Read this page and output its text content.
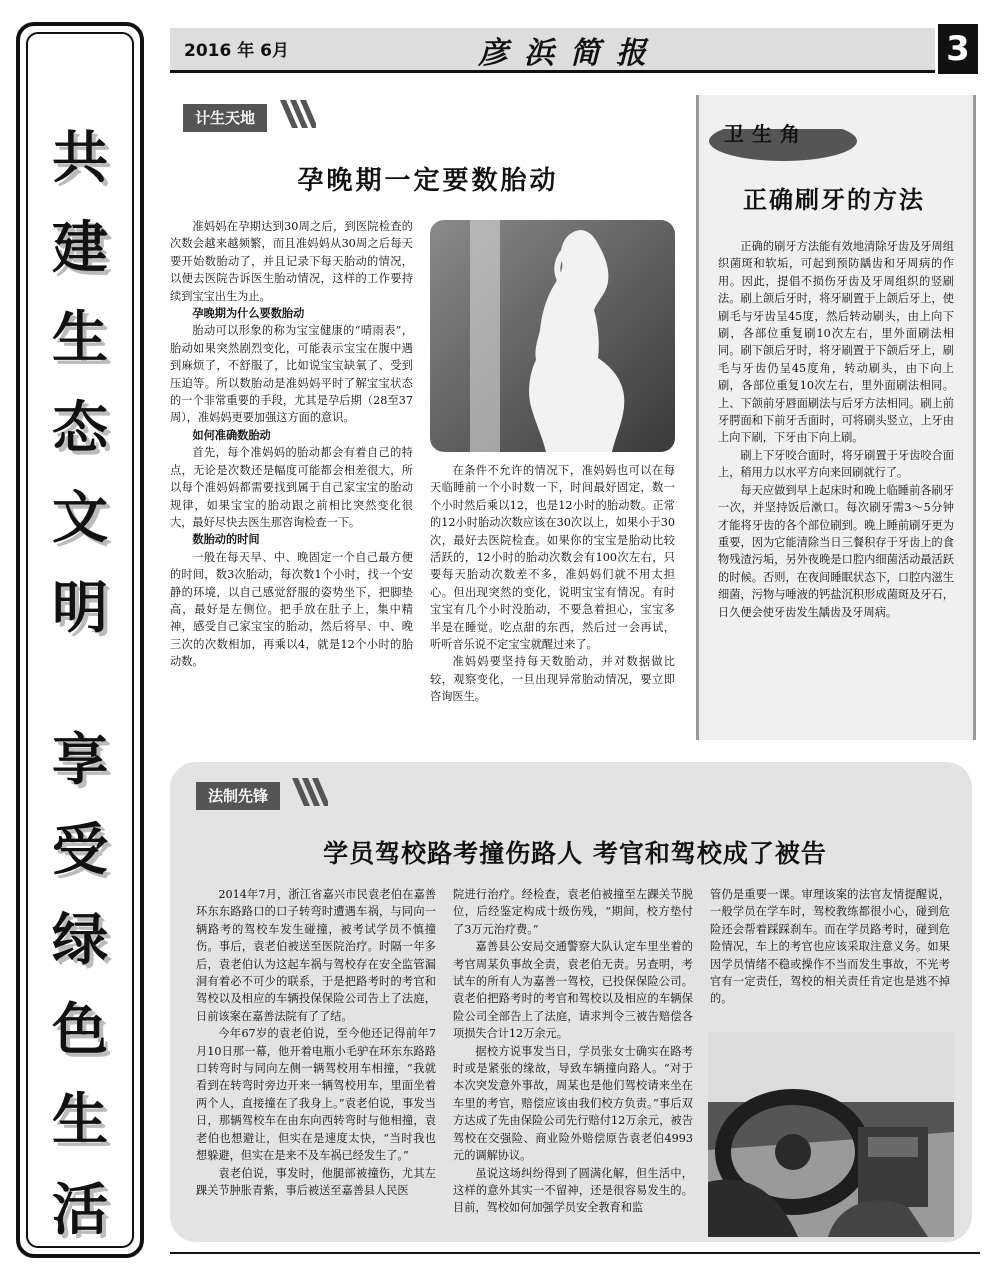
共
建
生
态
文
明
享
受
绿
色
生
活
2016 年 6月	彦浜简报	3
计生天地
孕晚期一定要数胎动

准妈妈在孕期达到30周之后，到医院检查的次数会越来越频繁，而且准妈妈从30周之后每天要开始数胎动了，并且记录下每天胎动的情况，以便去医院告诉医生胎动情况，这样的工作要持续到宝宝出生为止。

孕晚期为什么要数胎动

胎动可以形象的称为宝宝健康的“晴雨表”，胎动如果突然剧烈变化，可能表示宝宝在腹中遇到麻烦了，不舒服了，比如说宝宝缺氧了、受到压迫等。所以数胎动是准妈妈平时了解宝宝状态的一个非常重要的手段，尤其是孕后期（28至37周），准妈妈更要加强这方面的意识。

如何准确数胎动

首先，每个准妈妈的胎动都会有着自己的特点，无论是次数还是幅度可能都会相差很大，所以每个准妈妈都需要找到属于自己家宝宝的胎动规律，如果宝宝的胎动跟之前相比突然变化很大，最好尽快去医生那咨询检查一下。

数胎动的时间

一般在每天早、中、晚固定一个自己最方便的时间，数3次胎动，每次数1个小时，找一个安静的环境，以自己感觉舒服的姿势坐下，把脚垫高，最好是左侧位。把手放在肚子上，集中精神，感受自己家宝宝的胎动，然后将早、中、晚三次的次数相加，再乘以4，就是12个小时的胎动数。

在条件不允许的情况下，准妈妈也可以在每天临睡前一个小时数一下，时间最好固定，数一个小时然后乘以12，也是12小时的胎动数。正常的12小时胎动次数应该在30次以上，如果小于30次，最好去医院检查。如果你的宝宝是胎动比较活跃的，12小时的胎动次数会有100次左右，只要每天胎动次数差不多，准妈妈们就不用太担心。但出现突然的变化，说明宝宝有情况。有时宝宝有几个小时没胎动，不要急着担心，宝宝多半是在睡觉。吃点甜的东西，然后过一会再试，听听音乐说不定宝宝就醒过来了。

准妈妈要坚持每天数胎动，并对数据做比较，观察变化，一旦出现异常胎动情况，要立即咨询医生。

卫生角
正确刷牙的方法

正确的刷牙方法能有效地清除牙齿及牙周组织菌斑和软垢，可起到预防龋齿和牙周病的作用。因此，提倡不损伤牙齿及牙周组织的竖刷法。刷上颌后牙时，将牙刷置于上颌后牙上，使刷毛与牙齿呈45度，然后转动刷头，由上向下刷，各部位重复刷10次左右，里外面刷法相同。刷下颌后牙时，将牙刷置于下颌后牙上，刷毛与牙齿仍呈45度角，转动刷头，由下向上刷，各部位重复10次左右，里外面刷法相同。上、下颌前牙唇面刷法与后牙方法相同。刷上前牙腭面和下前牙舌面时，可将刷头竖立，上牙由上向下刷，下牙由下向上刷。

刷上下牙咬合面时，将牙刷置于牙齿咬合面上，稍用力以水平方向来回刷就行了。

每天应做到早上起床时和晚上临睡前各刷牙一次，并坚持饭后漱口。每次刷牙需3～5分钟才能将牙齿的各个部位刷到。晚上睡前刷牙更为重要，因为它能清除当日三餐积存于牙齿上的食物残渣污垢，另外夜晚是口腔内细菌活动最活跃的时候。否则，在夜间睡眠状态下，口腔内滋生细菌，污物与唾液的钙盐沉积形成菌斑及牙石，日久便会使牙齿发生龋齿及牙周病。

法制先锋
学员驾校路考撞伤路人 考官和驾校成了被告

2014年7月，浙江省嘉兴市民袁老伯在嘉善环东东路路口的口子转弯时遭遇车祸，与同向一辆路考的驾校车发生碰撞，被考试学员不慎撞伤。事后，袁老伯被送至医院治疗。时隔一年多后，袁老伯认为这起车祸与驾校存在安全监管漏洞有着必不可少的联系，于是把路考时的考官和驾校以及相应的车辆投保保险公司告上了法庭，日前该案在嘉善法院有了了结。

今年67岁的袁老伯说，至今他还记得前年7月10日那一幕，他开着电瓶小毛驴在环东东路路口转弯时与同向左侧一辆驾校用车相撞，“我就看到在转弯时旁边开来一辆驾校用车，里面坐着两个人，直接撞在了我身上。”袁老伯说，事发当日，那辆驾校车在由东向西转弯时与他相撞，袁老伯也想避让，但实在是速度太快，“当时我也想躲避，但实在是来不及车祸已经发生了。”

袁老伯说，事发时，他腿部被撞伤，尤其左踝关节肿胀青紫，事后被送至嘉善县人民医

院进行治疗。经检查，袁老伯被撞至左踝关节脱位，后经鉴定构成十级伤残，“期间，校方垫付了3万元治疗费。”

嘉善县公安局交通警察大队认定车里坐着的考官周某负事故全责，袁老伯无责。另查明，考试车的所有人为嘉善一驾校，已投保保险公司。袁老伯把路考时的考官和驾校以及相应的车辆保险公司全部告上了法庭，请求判令三被告赔偿各项损失合计12万余元。

据校方说事发当日，学员张女士确实在路考时或是紧张的缘故，导致车辆撞向路人。“对于本次突发意外事故，周某也是他们驾校请来坐在车里的考官，赔偿应该由我们校方负责。”事后双方达成了先由保险公司先行赔付12万余元，被告驾校在交强险、商业险外赔偿原告袁老伯4993元的调解协议。

虽说这场纠纷得到了圆满化解，但生活中，这样的意外其实一不留神，还是很容易发生的。目前，驾校如何加强学员安全教育和监

管仍是重要一课。审理该案的法官友情提醒说，一般学员在学车时，驾校教练都很小心，碰到危险还会帮着踩踩刹车。而在学员路考时，碰到危险情况，车上的考官也应该采取注意义务。如果因学员情绪不稳或操作不当而发生事故，不光考官有一定责任，驾校的相关责任肯定也是逃不掉的。
